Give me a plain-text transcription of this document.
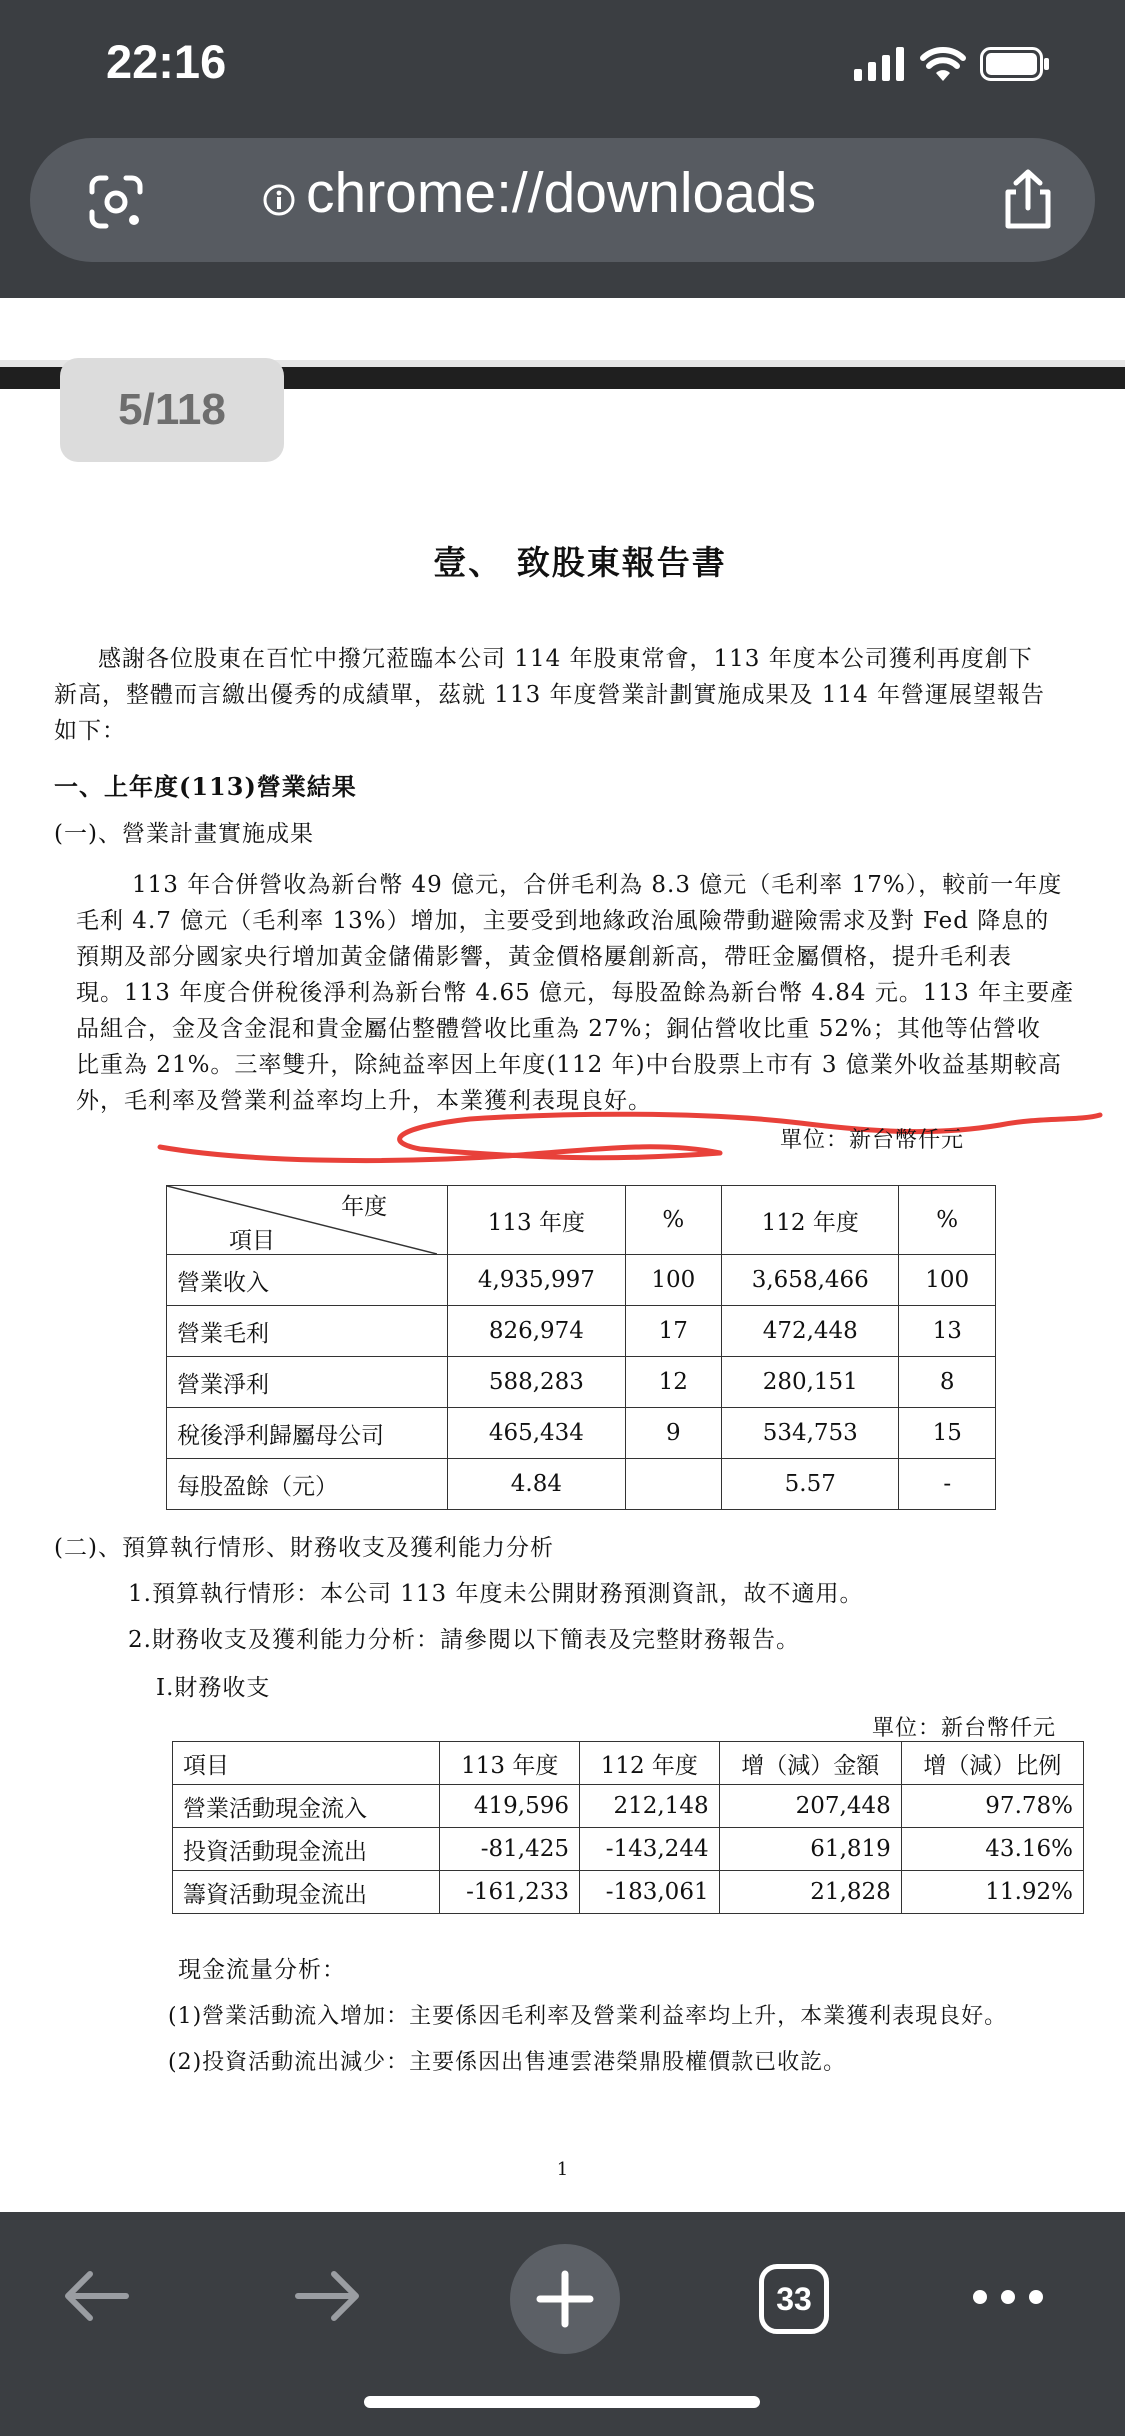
22:16
chrome://downloads
壹、 致股東報告書
感謝各位股東在百忙中撥冗蒞臨本公司 114 年股東常會，113 年度本公司獲利再度創下
新高，整體而言繳出優秀的成績單，茲就 113 年度營業計劃實施成果及 114 年營運展望報告
如下：
一、上年度(113)營業結果
(一)、營業計畫實施成果
113 年合併營收為新台幣 49 億元，合併毛利為 8.3 億元（毛利率 17%），較前一年度
毛利 4.7 億元（毛利率 13%）增加，主要受到地緣政治風險帶動避險需求及對 Fed 降息的
預期及部分國家央行增加黃金儲備影響，黃金價格屢創新高，帶旺金屬價格，提升毛利表
現。113 年度合併稅後淨利為新台幣 4.65 億元，每股盈餘為新台幣 4.84 元。113 年主要產
品組合，金及含金混和貴金屬佔整體營收比重為 27%；銅佔營收比重 52%；其他等佔營收
比重為 21%。三率雙升，除純益率因上年度(112 年)中台股票上市有 3 億業外收益基期較高
外，毛利率及營業利益率均上升，本業獲利表現良好。
單位：新台幣仟元
年度
項目	113 年度	%	112 年度	%
營業收入	4,935,997	100	3,658,466	100
營業毛利	826,974	17	472,448	13
營業淨利	588,283	12	280,151	8
稅後淨利歸屬母公司	465,434	9	534,753	15
每股盈餘（元）	4.84		5.57	-
(二)、預算執行情形、財務收支及獲利能力分析
1.預算執行情形：本公司 113 年度未公開財務預測資訊，故不適用。
2.財務收支及獲利能力分析：請參閱以下簡表及完整財務報告。
I.財務收支
單位：新台幣仟元
項目	113 年度	112 年度	增（減）金額	增（減）比例
營業活動現金流入	419,596	212,148	207,448	97.78%
投資活動現金流出	-81,425	-143,244	61,819	43.16%
籌資活動現金流出	-161,233	-183,061	21,828	11.92%
現金流量分析：
(1)營業活動流入增加：主要係因毛利率及營業利益率均上升，本業獲利表現良好。
(2)投資活動流出減少：主要係因出售連雲港榮鼎股權價款已收訖。
1
5/118
33
